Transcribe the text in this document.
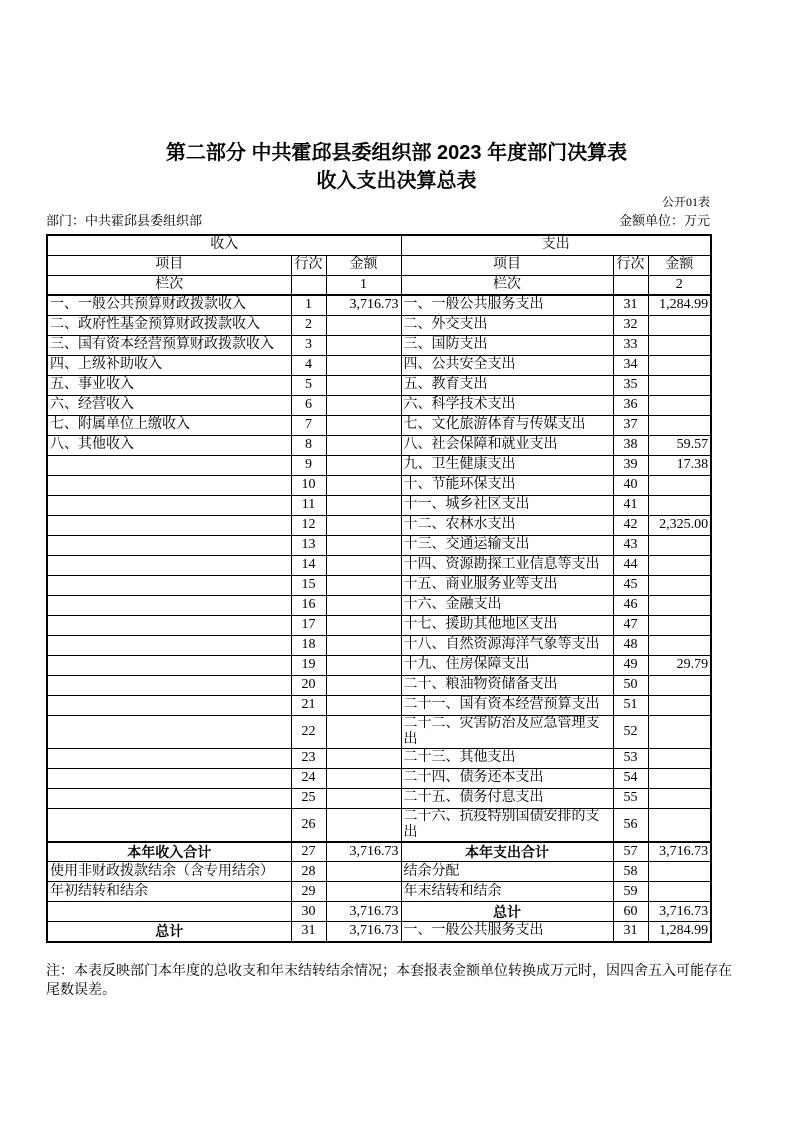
第二部分 中共霍邱县委组织部 2023 年度部门决算表
收入支出决算总表
公开01表
部门：中共霍邱县委组织部	金额单位：万元
收入			支出		
项目	行次	金额	项目	行次	金额
栏次		1	栏次		2
一、一般公共预算财政拨款收入	1	3,716.73	一、一般公共服务支出	31	1,284.99
二、政府性基金预算财政拨款收入	2		二、外交支出	32	
三、国有资本经营预算财政拨款收入	3		三、国防支出	33	
四、上级补助收入	4		四、公共安全支出	34	
五、事业收入	5		五、教育支出	35	
六、经营收入	6		六、科学技术支出	36	
七、附属单位上缴收入	7		七、文化旅游体育与传媒支出	37	
八、其他收入	8		八、社会保障和就业支出	38	59.57
	9		九、卫生健康支出	39	17.38
	10		十、节能环保支出	40	
	11		十一、城乡社区支出	41	
	12		十二、农林水支出	42	2,325.00
	13		十三、交通运输支出	43	
	14		十四、资源勘探工业信息等支出	44	
	15		十五、商业服务业等支出	45	
	16		十六、金融支出	46	
	17		十七、援助其他地区支出	47	
	18		十八、自然资源海洋气象等支出	48	
	19		十九、住房保障支出	49	29.79
	20		二十、粮油物资储备支出	50	
	21		二十一、国有资本经营预算支出	51	
	22		二十二、灾害防治及应急管理支出	52	
	23		二十三、其他支出	53	
	24		二十四、债务还本支出	54	
	25		二十五、债务付息支出	55	
	26		二十六、抗疫特别国债安排的支出	56	
本年收入合计	27	3,716.73	本年支出合计	57	3,716.73
使用非财政拨款结余（含专用结余）	28		结余分配	58	
年初结转和结余	29		年末结转和结余	59	
	30	3,716.73	总计	60	3,716.73
总计	31	3,716.73	一、一般公共服务支出	31	1,284.99
注：本表反映部门本年度的总收支和年末结转结余情况；本套报表金额单位转换成万元时，因四舍五入可能存在尾数误差。
